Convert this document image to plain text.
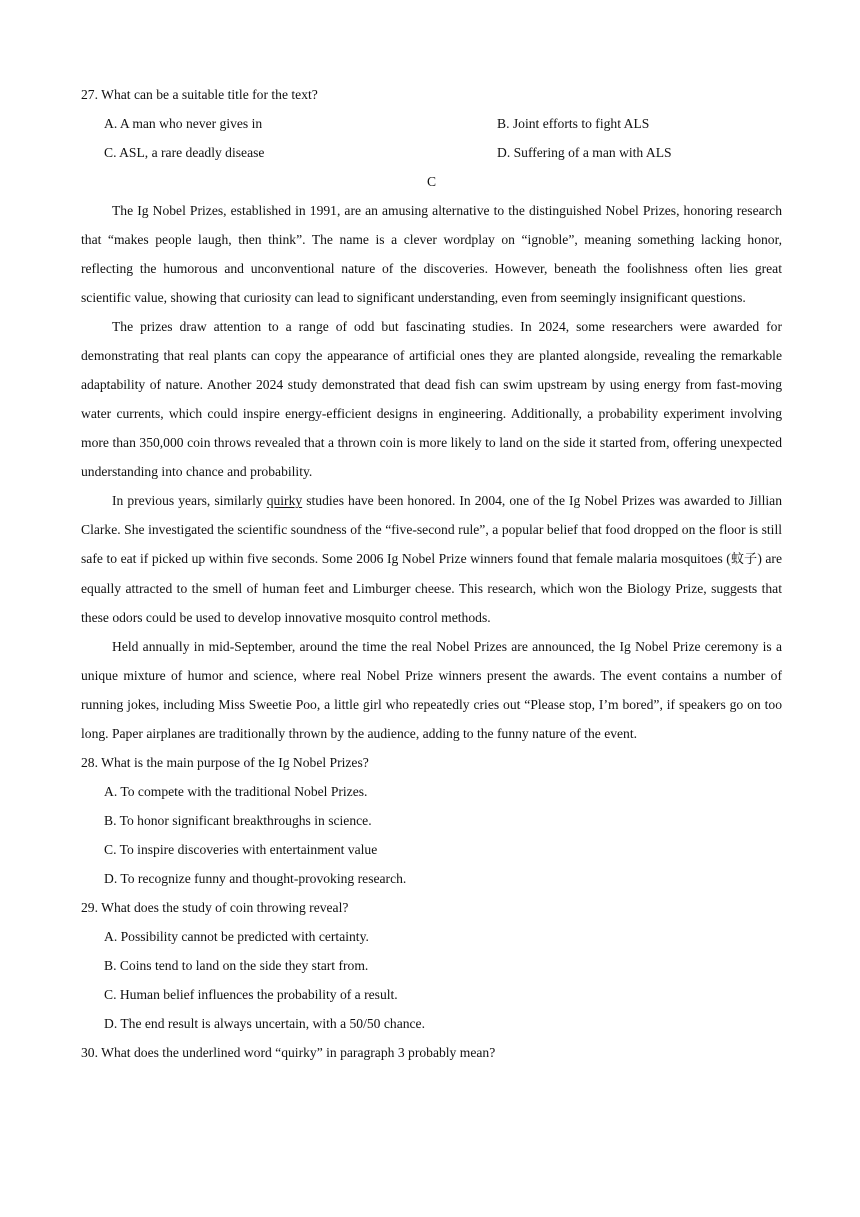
27. What can be a suitable title for the text?
A. A man who never gives in	B. Joint efforts to fight ALS
C. ASL, a rare deadly disease	D. Suffering of a man with ALS
C

The Ig Nobel Prizes, established in 1991, are an amusing alternative to the distinguished Nobel Prizes, honoring research that “makes people laugh, then think”. The name is a clever wordplay on “ignoble”, meaning something lacking honor, reflecting the humorous and unconventional nature of the discoveries. However, beneath the foolishness often lies great scientific value, showing that curiosity can lead to significant understanding, even from seemingly insignificant questions.

The prizes draw attention to a range of odd but fascinating studies. In 2024, some researchers were awarded for demonstrating that real plants can copy the appearance of artificial ones they are planted alongside, revealing the remarkable adaptability of nature. Another 2024 study demonstrated that dead fish can swim upstream by using energy from fast-moving water currents, which could inspire energy-efficient designs in engineering. Additionally, a probability experiment involving more than 350,000 coin throws revealed that a thrown coin is more likely to land on the side it started from, offering unexpected understanding into chance and probability.

In previous years, similarly quirky studies have been honored. In 2004, one of the Ig Nobel Prizes was awarded to Jillian Clarke. She investigated the scientific soundness of the “five-second rule”, a popular belief that food dropped on the floor is still safe to eat if picked up within five seconds. Some 2006 Ig Nobel Prize winners found that female malaria mosquitoes (蚊子) are equally attracted to the smell of human feet and Limburger cheese. This research, which won the Biology Prize, suggests that these odors could be used to develop innovative mosquito control methods.

Held annually in mid-September, around the time the real Nobel Prizes are announced, the Ig Nobel Prize ceremony is a unique mixture of humor and science, where real Nobel Prize winners present the awards. The event contains a number of running jokes, including Miss Sweetie Poo, a little girl who repeatedly cries out “Please stop, I’m bored”, if speakers go on too long. Paper airplanes are traditionally thrown by the audience, adding to the funny nature of the event.

28. What is the main purpose of the Ig Nobel Prizes?
A. To compete with the traditional Nobel Prizes.
B. To honor significant breakthroughs in science.
C. To inspire discoveries with entertainment value
D. To recognize funny and thought-provoking research.
29. What does the study of coin throwing reveal?
A. Possibility cannot be predicted with certainty.
B. Coins tend to land on the side they start from.
C. Human belief influences the probability of a result.
D. The end result is always uncertain, with a 50/50 chance.
30. What does the underlined word “quirky” in paragraph 3 probably mean?
